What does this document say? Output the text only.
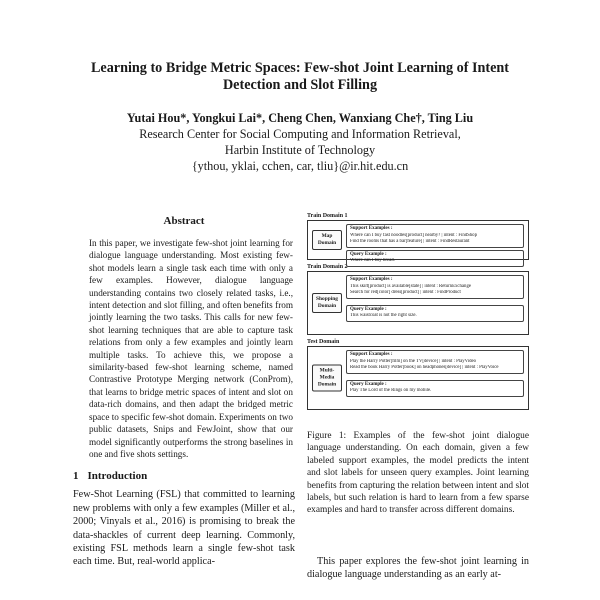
Learning to Bridge Metric Spaces: Few-shot Joint Learning of Intent
Detection and Slot Filling
Yutai Hou*, Yongkui Lai*, Cheng Chen, Wanxiang Che†, Ting Liu
Research Center for Social Computing and Information Retrieval,
Harbin Institute of Technology
{ythou, yklai, cchen, car, tliu}@ir.hit.edu.cn
Abstract
In this paper, we investigate few-shot joint learning for dialogue language understanding. Most existing few-shot models learn a single task each time with only a few examples. However, dialogue language understanding contains two closely related tasks, i.e., intent detection and slot filling, and often benefits from jointly learning the two tasks. This calls for new few-shot learning techniques that are able to capture task relations from only a few examples and jointly learn multiple tasks. To achieve this, we propose a similarity-based few-shot learning scheme, named Contrastive Prototype Merging network (ConProm), that learns to bridge metric spaces of intent and slot on data-rich domains, and then adapt the bridged metric space to specific few-shot domain. Experiments on two public datasets, Snips and FewJoint, show that our model significantly outperforms the strong baselines in one and five shots settings.
1 Introduction
Few-Shot Learning (FSL) that committed to learning new problems with only a few examples (Miller et al., 2000; Vinyals et al., 2016) is promising to break the data-shackles of current deep learning. Commonly, existing FSL methods learn a single few-shot task each time. But, real-world applica-
Train Domain 1
Map Domain
Support Examples :
Where can I buy fast noodles[product] nearby? | intent : FindShop
Find the rooms that has a bar[feature] | intent : FindRestaurant
Query Example :
Where can I buy bread.
Train Domain 2
Shopping Domain
Support Examples :
This skirt[product] is available[state] | intent : ReturnExchange
Search for red[color] dress[product] | intent : FindProduct
Query Example :
This waistcoat is not the right size.
Test Domain
Multi-Media Domain
Support Examples :
Play the Harry Potter[film] on the TV[device] | intent : PlayVideo
Read the book Harry Potter[book] on headphones[device] | intent : PlayVoice
Query Example :
Play The Lord of the Rings on my mobile.
Figure 1: Examples of the few-shot joint dialogue language understanding. On each domain, given a few labeled support examples, the model predicts the intent and slot labels for unseen query examples. Joint learning benefits from capturing the relation between intent and slot labels, but such relation is hard to learn from a few sparse examples and hard to transfer across different domains.
This paper explores the few-shot joint learning in dialogue language understanding as an early at-
